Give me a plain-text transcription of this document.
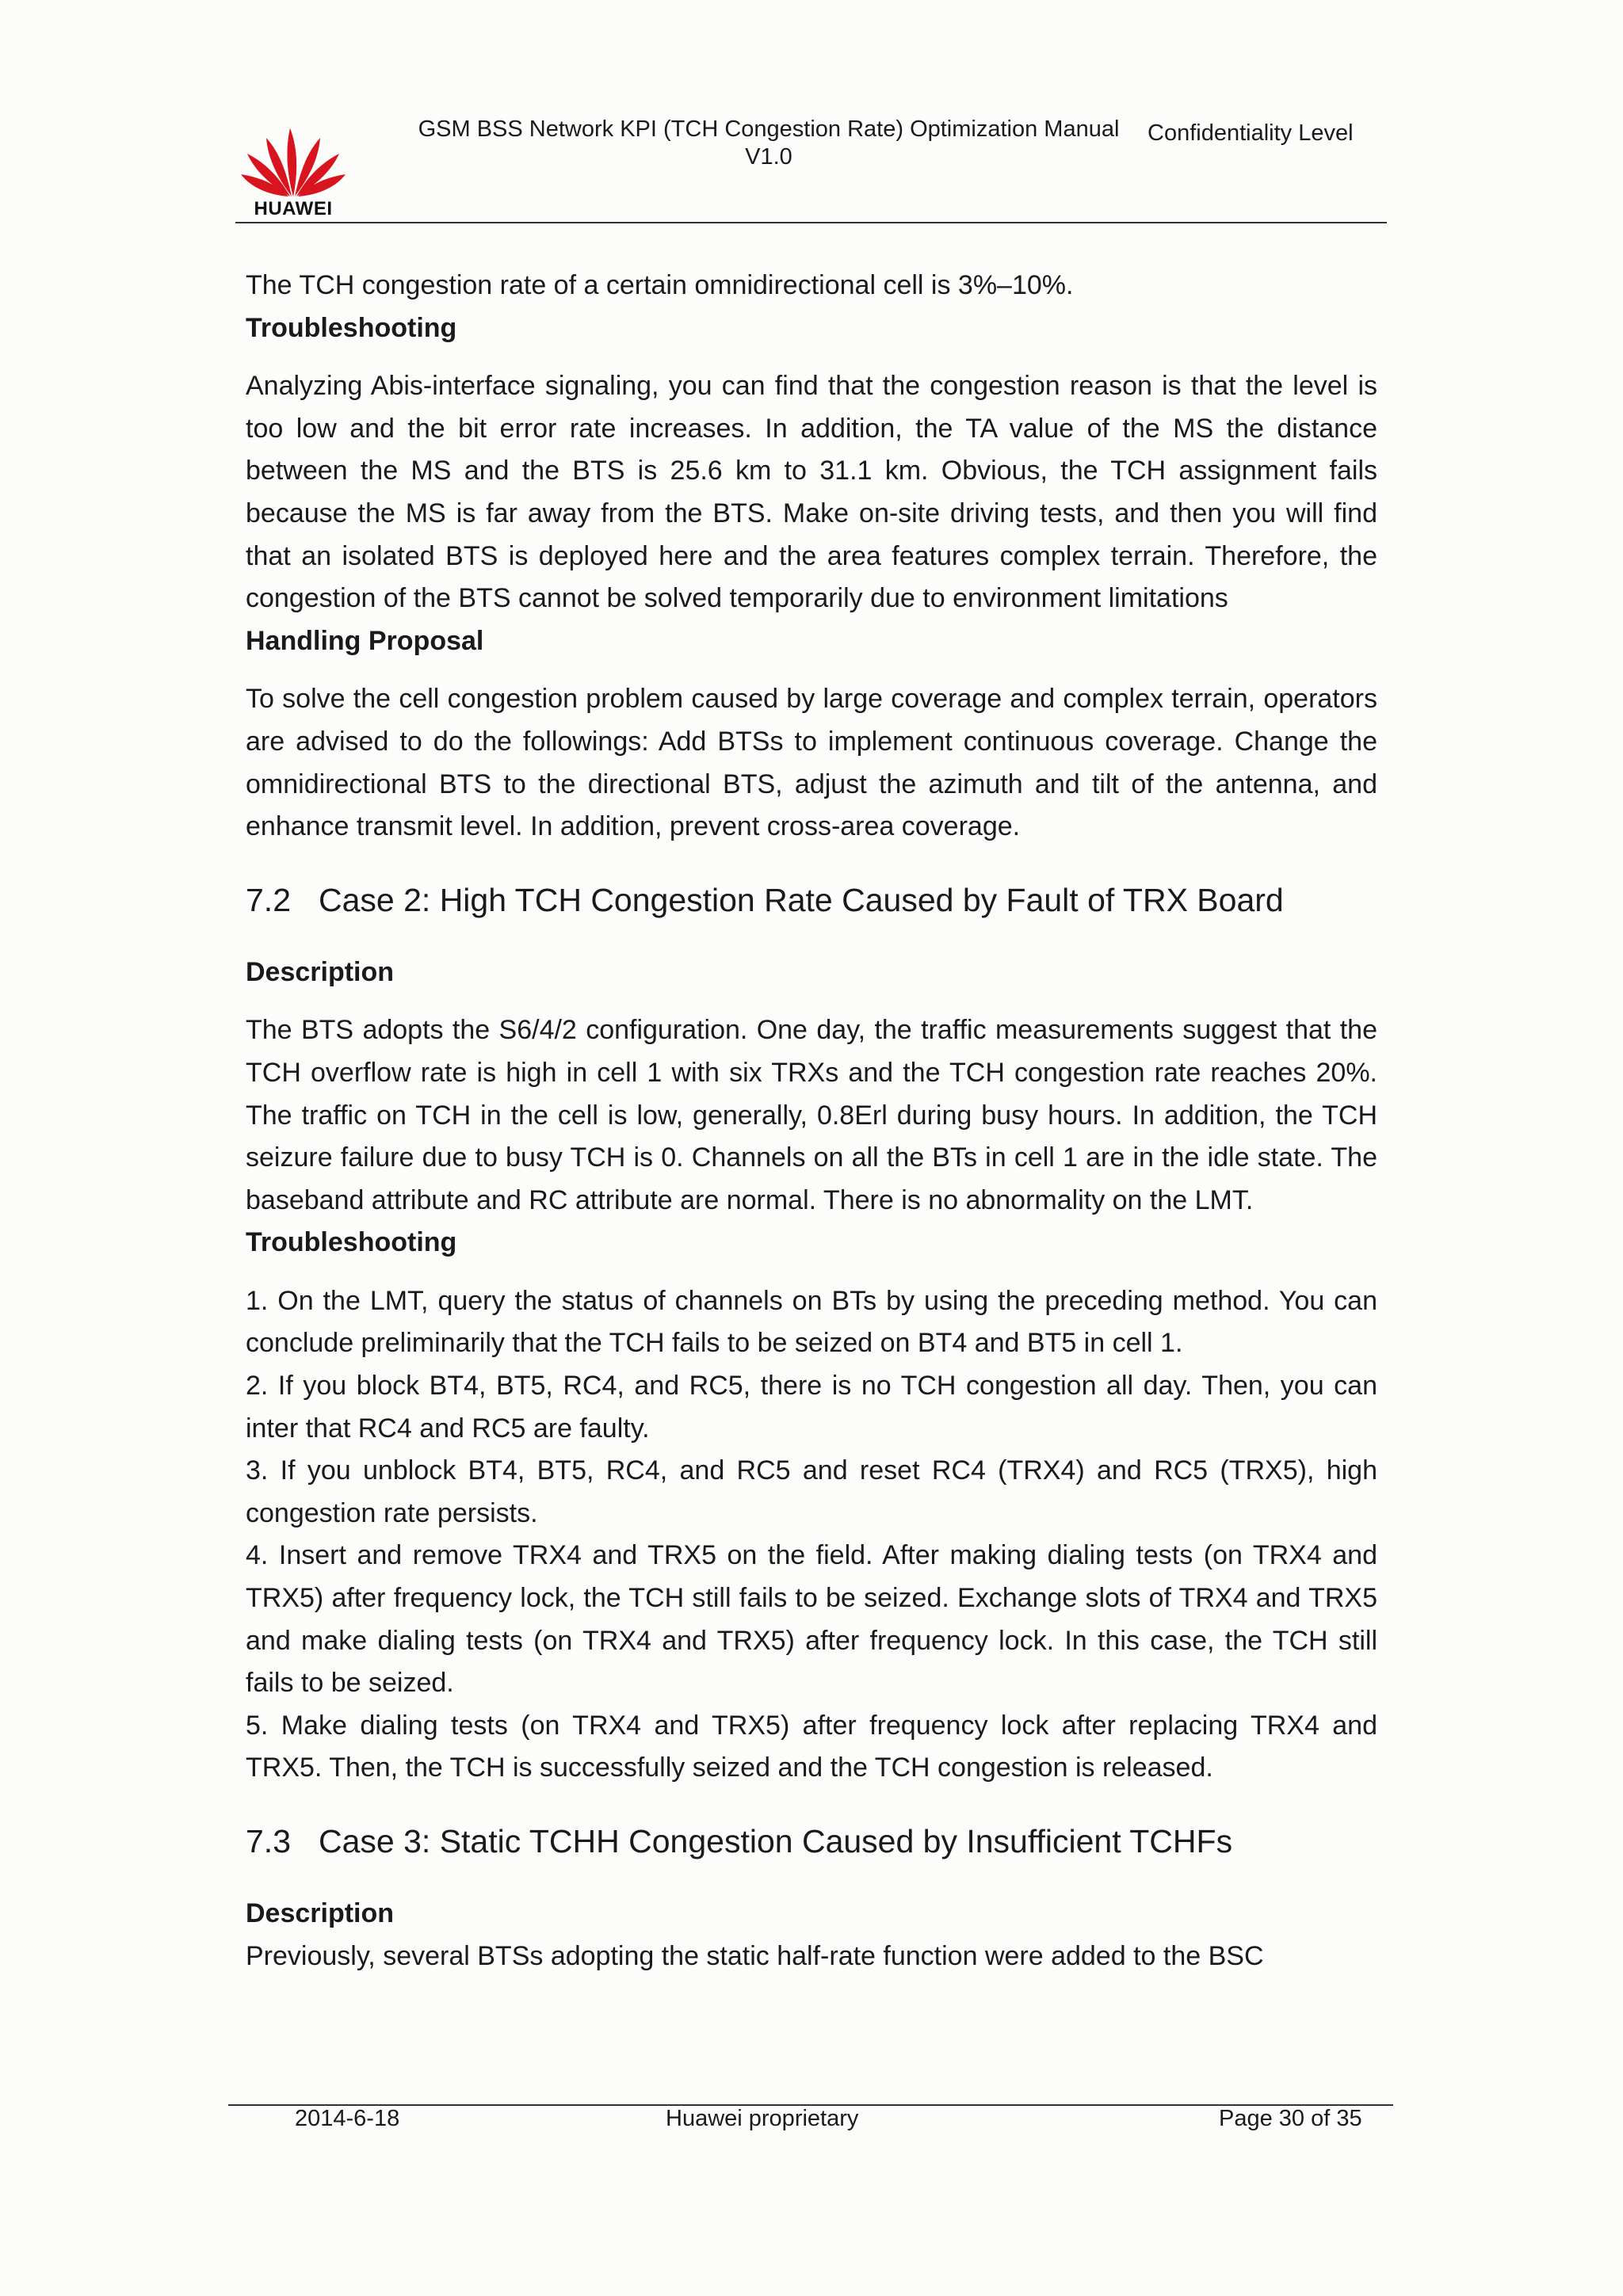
HUAWEI
GSM BSS Network KPI (TCH Congestion Rate) Optimization Manual V1.0
Confidentiality Level

The TCH congestion rate of a certain omnidirectional cell is 3%–10%.

Troubleshooting

Analyzing Abis-interface signaling, you can find that the congestion reason is that the level is too low and the bit error rate increases. In addition, the TA value of the MS the distance between the MS and the BTS is 25.6 km to 31.1 km. Obvious, the TCH assignment fails because the MS is far away from the BTS. Make on-site driving tests, and then you will find that an isolated BTS is deployed here and the area features complex terrain. Therefore, the congestion of the BTS cannot be solved temporarily due to environment limitations

Handling Proposal

To solve the cell congestion problem caused by large coverage and complex terrain, operators are advised to do the followings: Add BTSs to implement continuous coverage. Change the omnidirectional BTS to the directional BTS, adjust the azimuth and tilt of the antenna, and enhance transmit level. In addition, prevent cross-area coverage.

7.2 Case 2: High TCH Congestion Rate Caused by Fault of TRX Board

Description

The BTS adopts the S6/4/2 configuration. One day, the traffic measurements suggest that the TCH overflow rate is high in cell 1 with six TRXs and the TCH congestion rate reaches 20%. The traffic on TCH in the cell is low, generally, 0.8Erl during busy hours. In addition, the TCH seizure failure due to busy TCH is 0. Channels on all the BTs in cell 1 are in the idle state. The baseband attribute and RC attribute are normal. There is no abnormality on the LMT.

Troubleshooting

1. On the LMT, query the status of channels on BTs by using the preceding method. You can conclude preliminarily that the TCH fails to be seized on BT4 and BT5 in cell 1.

2. If you block BT4, BT5, RC4, and RC5, there is no TCH congestion all day. Then, you can inter that RC4 and RC5 are faulty.

3. If you unblock BT4, BT5, RC4, and RC5 and reset RC4 (TRX4) and RC5 (TRX5), high congestion rate persists.

4. Insert and remove TRX4 and TRX5 on the field. After making dialing tests (on TRX4 and TRX5) after frequency lock, the TCH still fails to be seized. Exchange slots of TRX4 and TRX5 and make dialing tests (on TRX4 and TRX5) after frequency lock. In this case, the TCH still fails to be seized.

5. Make dialing tests (on TRX4 and TRX5) after frequency lock after replacing TRX4 and TRX5. Then, the TCH is successfully seized and the TCH congestion is released.

7.3 Case 3: Static TCHH Congestion Caused by Insufficient TCHFs

Description

Previously, several BTSs adopting the static half-rate function were added to the BSC

2014-6-18	Huawei proprietary	Page 30 of 35
